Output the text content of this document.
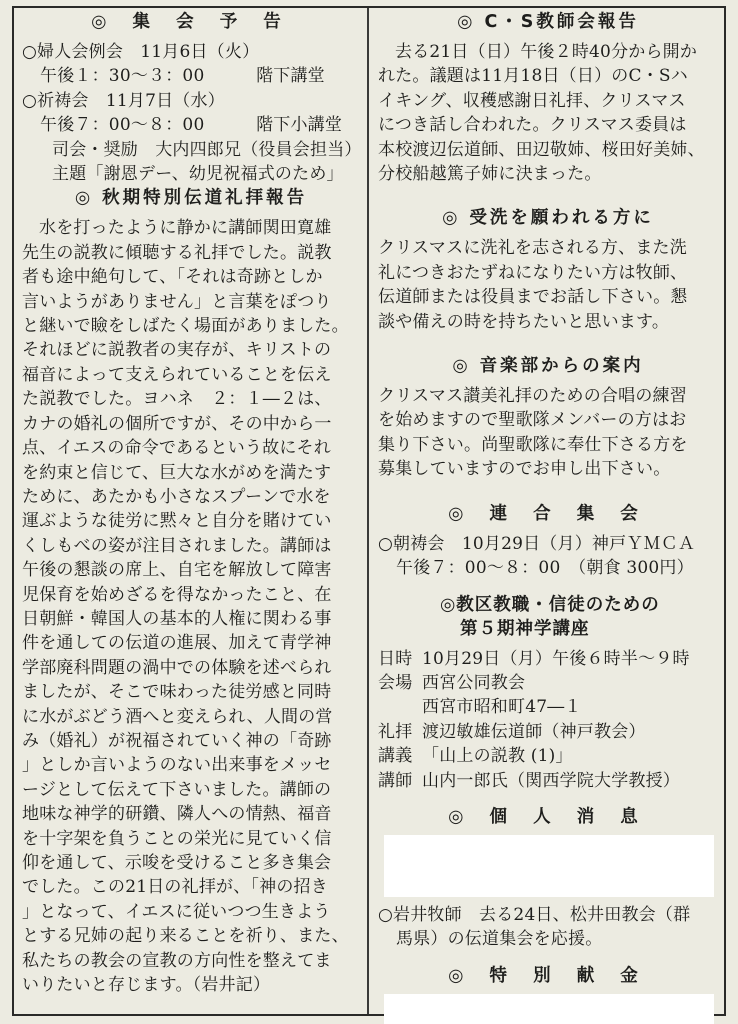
◎ 集 会 予 告
○婦人会例会　11月6日（火）
午後１：30～３：00　　　階下講堂
○祈祷会　11月7日（水）
午後７：00～８：00　　　階下小講堂
司会・奨励　大内四郎兄（役員会担当）
主題「謝恩デー、幼児祝福式のため」
◎ 秋期特別伝道礼拝報告
水を打ったように静かに講師関田寛雄
先生の説教に傾聴する礼拝でした。説教
者も途中絶句して、「それは奇跡としか
言いようがありません」と言葉をぽつり
と継いで瞼をしばたく場面がありました。
それほどに説教者の実存が、キリストの
福音によって支えられていることを伝え
た説教でした。ヨハネ　２：１―２は、
カナの婚礼の個所ですが、その中から一
点、イエスの命令であるという故にそれ
を約束と信じて、巨大な水がめを満たす
ために、あたかも小さなスプーンで水を
運ぶような徒労に黙々と自分を賭けてい
くしもべの姿が注目されました。講師は
午後の懇談の席上、自宅を解放して障害
児保育を始めざるを得なかったこと、在
日朝鮮・韓国人の基本的人権に関わる事
件を通しての伝道の進展、加えて青学神
学部廃科問題の渦中での体験を述べられ
ましたが、そこで味わった徒労感と同時
に水がぶどう酒へと変えられ、人間の営
み（婚礼）が祝福されていく神の「奇跡
」としか言いようのない出来事をメッセ
ージとして伝えて下さいました。講師の
地味な神学的研鑽、隣人への情熱、福音
を十字架を負うことの栄光に見ていく信
仰を通して、示唆を受けること多き集会
でした。この21日の礼拝が、「神の招き
」となって、イエスに従いつつ生きよう
とする兄姉の起り来ることを祈り、また、
私たちの教会の宣教の方向性を整えてま
いりたいと存じます。（岩井記）
◎ C・S教師会報告
去る21日（日）午後２時40分から開か
れた。議題は11月18日（日）のC・Sハ
イキング、収穫感謝日礼拝、クリスマス
につき話し合われた。クリスマス委員は
本校渡辺伝道師、田辺敬姉、桜田好美姉、
分校船越篤子姉に決まった。
◎ 受洗を願われる方に
クリスマスに洗礼を志される方、また洗
礼につきおたずねになりたい方は牧師、
伝道師または役員までお話し下さい。懇
談や備えの時を持ちたいと思います。
◎ 音楽部からの案内
クリスマス讃美礼拝のための合唱の練習
を始めますので聖歌隊メンバーの方はお
集り下さい。尚聖歌隊に奉仕下さる方を
募集していますのでお申し出下さい。
◎ 連 合 集 会
○朝祷会　10月29日（月）神戸ＹＭＣＡ
午後７：00～８：00　（朝食 300円）
◎教区教職・信徒のための
第５期神学講座
日時 10月29日（月）午後６時半～９時
会場 西宮公同教会
西宮市昭和町47―１
礼拝 渡辺敏雄伝道師（神戸教会）
講義 「山上の説教 (1)」
講師 山内一郎氏（関西学院大学教授）
◎ 個 人 消 息
○岩井牧師　去る24日、松井田教会（群
馬県）の伝道集会を応援。
◎ 特 別 献 金
